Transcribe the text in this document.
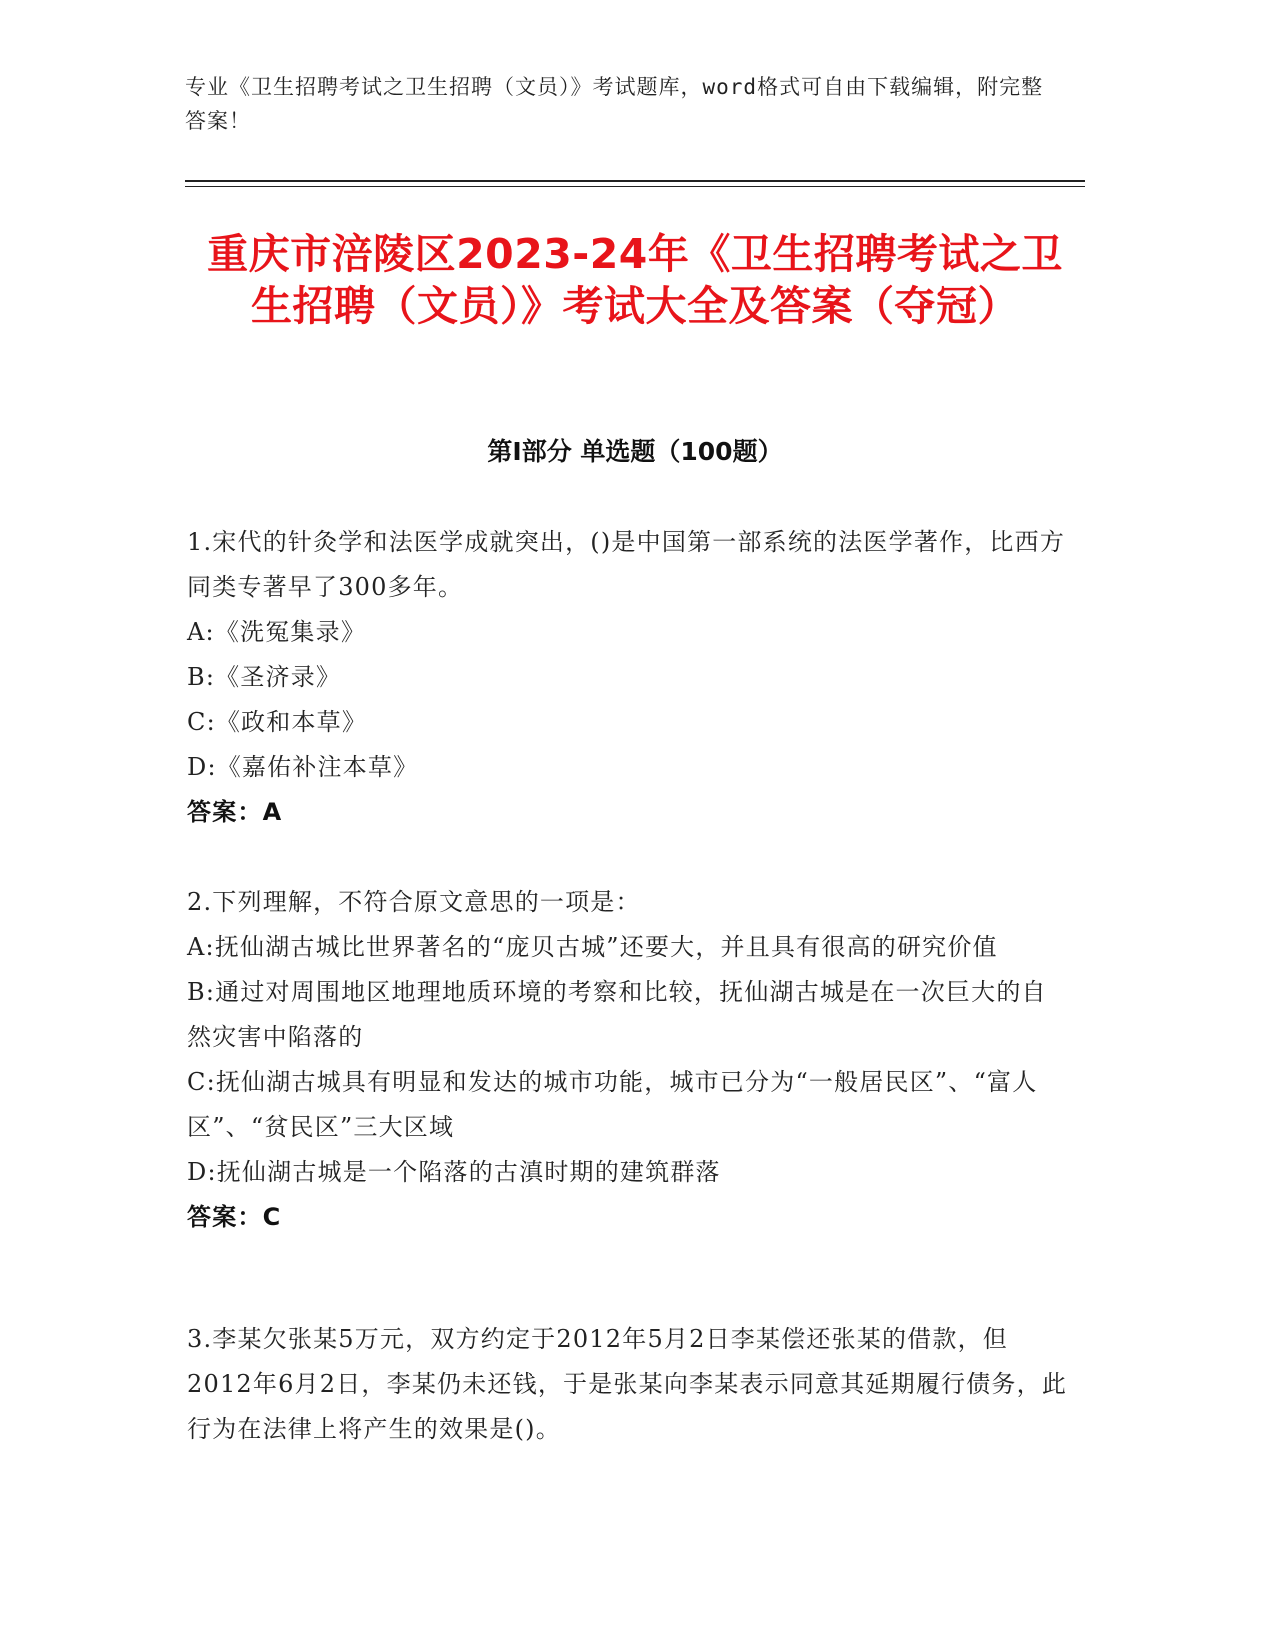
专业《卫生招聘考试之卫生招聘（文员）》考试题库，word格式可自由下载编辑，附完整答案！
重庆市涪陵区2023-24年《卫生招聘考试之卫生招聘（文员）》考试大全及答案（夺冠）
第I部分 单选题（100题）

1.宋代的针灸学和法医学成就突出，()是中国第一部系统的法医学著作，比西方同类专著早了300多年。

A:《洗冤集录》

B:《圣济录》

C:《政和本草》

D:《嘉佑补注本草》

答案：A

2.下列理解，不符合原文意思的一项是：

A:抚仙湖古城比世界著名的“庞贝古城”还要大，并且具有很高的研究价值

B:通过对周围地区地理地质环境的考察和比较，抚仙湖古城是在一次巨大的自然灾害中陷落的

C:抚仙湖古城具有明显和发达的城市功能，城市已分为“一般居民区”、“富人区”、“贫民区”三大区域

D:抚仙湖古城是一个陷落的古滇时期的建筑群落

答案：C

3.李某欠张某5万元，双方约定于2012年5月2日李某偿还张某的借款，但2012年6月2日，李某仍未还钱，于是张某向李某表示同意其延期履行债务，此行为在法律上将产生的效果是()。
